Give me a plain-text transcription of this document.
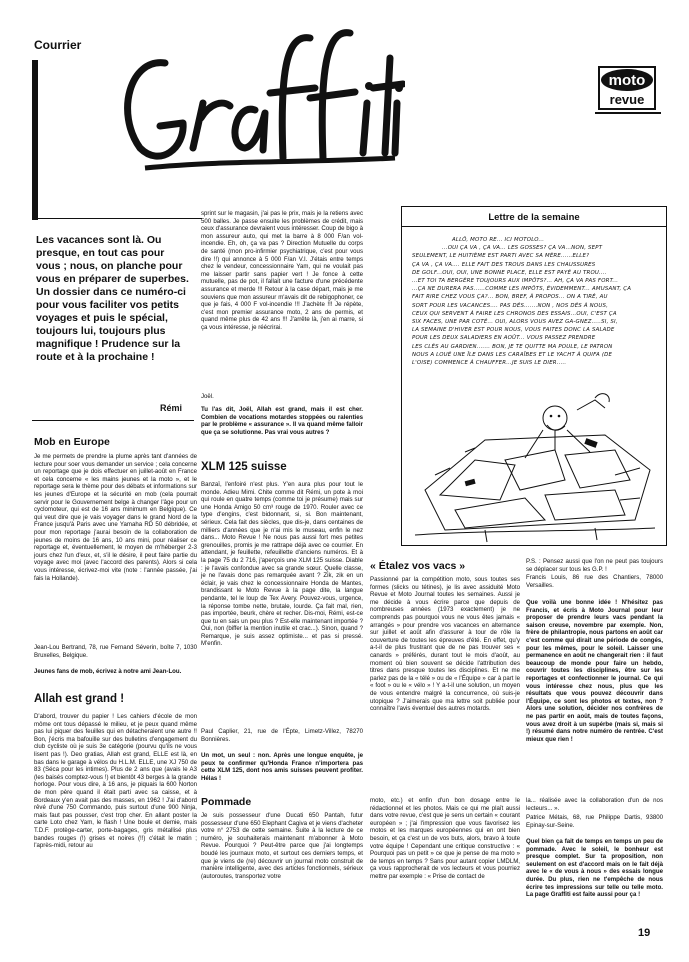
Courrier
moto
revue
Les vacances sont là. Ou presque, en tout cas pour vous ; nous, on planche pour vous en préparer de superbes. Un dossier dans ce numéro-ci pour vous faciliter vos petits voyages et puis le spécial, toujours lui, toujours plus magnifique ! Prudence sur la route et à la prochaine !
Rémi
Mob en Europe
Je me permets de prendre la plume après tant d'années de lecture pour soer vous demander un service ; cela concerne un reportage que je dois effectuer en juillet-août en France et cela concerne « les mains jeunes et la moto », et le reportage sera le thème pour des débats et informations sur les jeunes d'Europe et la sécurité en mob (cela pourrait servir pour le Gouvernement belge à changer l'âge pour un cyclomoteur, qui est de 16 ans minimum en Belgique). Ce qui veut dire que je vais voyager dans le grand Nord de la France jusqu'à Paris avec une Yamaha RD 50 débridée, et pour mon reportage j'aurai besoin de la collaboration de jeunes de moins de 16 ans, 10 ans mini, pour réaliser ce reportage et, éventuellement, le moyen de m'héberger 2-3 jours chez l'un d'eux, et, s'il le désire, il peut faire partie du voyage avec moi (avec l'accord des parents). Alors si cela vous intéresse, écrivez-moi vite (note : l'année passée, j'ai fais la Hollande).
Jean-Lou Bertrand, 78, rue Fernand Séverin, boîte 7, 1030 Bruxelles, Belgique.
Jeunes fans de mob, écrivez à notre ami Jean-Lou.
Allah est grand !
D'abord, trouver du papier ! Les cahiers d'école de mon môme ont tous dépassé le milieu, et je peux quand même pas lui piquer des feuilles qui en détacheraient une autre !! Bon, j'écris ma bafouille sur des bulletins d'engagement du club cycliste où je suis 3e catégorie (pourvu qu'ils ne vous lisent pas !). Deo gratias, Allah est grand, ELLE est là, en bas dans le garage à vélos du H.L.M. ELLE, une XJ 750 de 83 (Séca pour les intimes). Plus de 2 ans que (avais le A3 (les baisés comptez-vous !) et bientôt 43 berges à la grande horloge. Pour vous dire, à 16 ans, je piquais la 600 Norton de mon père quand il était parti avec sa caisse, et à Bordeaux y'en avait pas des masses, en 1962 ! J'ai d'abord rêvé d'une 750 Commando, puis surtout d'une 900 Ninja, mais faut pas pousser, c'est trop cher. En allant poster la carte Loto chez Yam, le flash ! Une boule et demie, mais T.D.F. protège-carter, porte-bagages, gris métallisé plus bandes rouges (!) grises et noires (!!) c'était le matin ; l'après-midi, retour au
sprint sur le magasin, j'ai pas le prix, mais je la retiens avec 500 balles. Je passe ensuite les problèmes de crédit, mais ceux d'assurance devraient vous intéresser. Coup de bigo à mon assureur auto, qui met la barre à 8 000 F/an vol-incendie. Eh, oh, ça va pas ? Direction Mutuelle du corps de santé (mon pro-infirmier psychiatrique, c'est pour vous dire !!) qui annonce à 5 000 F/an V.I. J'étais entre temps chez le vendeur, concessionnaire Yam, qui ne voulait pas me laisser partir sans papier vert ! Je fonce à cette mutuelle, pas de pot, il fallait une facture d'une précédente assurance et merde !!! Retour à la case départ, mais je me souviens que mon assureur m'avais dit de rebigophoner, ce que je fais, 4 000 F vol-incendie !!! J'achète !!! Je répète, c'est mon premier assurance moto, 2 ans de permis, et quand même plus de 42 ans !!! J'arrête là, j'en ai marre, si ça vous intéresse, je réécrirai.
Joël.
Tu l'as dit, Joël, Allah est grand, mais il est cher. Combien de vocations motardes stoppées ou ralenties par le problème « assurance ». Il va quand même falloir que ça se solutionne. Pas vrai vous autres ?
XLM 125 suisse
Banzaï, l'enfoiré n'est plus. Y'en aura plus pour tout le monde. Adieu Mimi. Chite comme dit Rémi, un pote à moi qui roule en quatre temps (comme toi je présume) mais sur une Honda Amigo 50 cm³ rouge de 1970. Rouler avec ce type d'engins, c'est bidonnant, si, si. Bon maintenant, sérieux. Cela fait des siècles, que dis-je, dans centaines de milliers d'années que je n'ai mis le museau, enfin le nez dans... Moto Revue ! Ne nous pas aussi fort mes petites grenouilles, promis je me rattrape déjà avec ce courrier. En attendant, je feuillette, refeuillette d'anciens numéros. Et à la page 75 du 2 716, j'aperçois une XLM 125 suisse. Diable : je l'avais confondue avec sa grande sœur. Quelle classe, je ne l'avais donc pas remarquée avant ? Zik, zik en un éclair, je vais chez le concessionnaire Honda de Mantes, brandissant le Moto Revue à la page dite, la langue pendante, tel le loup de Tex Avery. Pouvez-vous, urgence, la réponse tombe nette, brutale, lourde. Ça fait mal, rien, pas importée, beurk, chère et recher. Dis-moi, Rémi, est-ce que tu en sais un peu plus ? Est-elle maintenant importée ? Oui, non (biffer la mention inutile et crac...). Sinon, quand ? Remarque, je suis assez optimiste... et pas si pressé. M'enfin.
Paul Caplier, 21, rue de l'Épte, Limetz-Villez, 78270 Bonnières.
Un mot, un seul : non. Après une longue enquête, je peux te confirmer qu'Honda France n'importera pas cette XLM 125, dont nos amis suisses peuvent profiter. Hélas !
Pommade
Je suis possesseur d'une Ducati 650 Pantah, futur possesseur d'une 650 Elephant Cagiva et je viens d'acheter votre n° 2753 de cette semaine. Suite à la lecture de ce numéro, je souhaiterais maintenant m'abonner à Moto Revue. Pourquoi ? Peut-être parce que j'ai longtemps boudé les journaux moto, et surtout ces derniers temps, et que je viens de (re) découvrir un journal moto construit de manière intelligente, avec des articles fonctionnels, sérieux (autoroutes, transportez votre
Lettre de la semaine
ALLÔ, MOTO RE... ICI MOTOLO...
...OUI ÇA VA , ÇA VA... LES GOSSES? ÇA VA...NON, SEPT
SEULEMENT, LE HUITIÈME EST PARTI AVEC SA MÈRE......ELLE?
ÇA VA , ÇA VA.... ELLE FAIT DES TROUS DANS LES CHAUSSURES
DE GOLF...OUI, OUI, UNE BONNE PLACE, ELLE EST PAYÉ AU TROU....
...ET TOI TA BERGÈRE TOUJOURS AUX IMPÔTS?... AH, ÇA VA PAS FORT...
...ÇA NE DURERA PAS......COMME LES IMPÔTS, ÉVIDEMMENT... AMUSANT, ÇA
FAIT RIRE CHEZ VOUS ÇA?... BON, BREF, À PROPOS... ON A TIRÉ, AU
SORT POUR LES VACANCES.... PAS DÉS.......NON , NOS DÉS À NOUS,
CEUX QUI SERVENT À FAIRE LES CHRONOS DES ESSAIS...OUI, C'EST ÇA
SIX FACES, UNE PAR COTÉ... OUI, ALORS VOUS AVEZ GA-GNEZ.....SI, SI,
LA SEMAINE D'HIVER EST POUR NOUS, VOUS FAITES DONC LA SALADE
POUR LES DEUX SALADIERS EN AOÛT... VOUS PASSEZ PRENDRE
LES CLÉS AU GARDIEN....... BON, JE TE QUITTE MA POULE, LE PATRON
NOUS A LOUÉ UNE ÎLE DANS LES CARAÏBES ET LE YACHT À QUIFA (DE
L'OISE) COMMENCE À CHAUFFER...JE SUIS LE DIER.....
« Étalez vos vacs »
Passionné par la compétition moto, sous toutes ses formes (slicks ou tétines), je lis avec assiduité Moto Revue et Moto Journal toutes les semaines. Aussi je me décide à vous écrire parce que depuis de nombreuses années (1973 exactement) je ne comprends pas pourquoi vous ne vous êtes jamais « arrangés » pour prendre vos vacances en alternance sur juillet et août afin d'assurer à tour de rôle la couverture de toutes les épreuves d'été. En effet, qu'y a-t-il de plus frustrant que de ne pas trouver ses « canards » préférés, durant tout le mois d'août, au moment où bien souvent se décide l'attribution des titres dans presque toutes les disciplines. Et ne me parlez pas de la « télé » ou de « l'Équipe » car à part le « foot » ou le « vélo » ! Y a-t-il une solution, un moyen de vous entendre malgré la concurrence, où suis-je utopique ? J'aimerais que ma lettre soit publiée pour connaître l'avis éventuel des autres motards.
P.S. : Pensez aussi que l'on ne peut pas toujours se déplacer sur tous les G.P. !
Francis Louis, 86 rue des Chantiers, 78000 Versailles.
Que voilà une bonne idée ! N'hésitez pas Francis, et écris à Moto Journal pour leur proposer de prendre leurs vacs pendant la saison creuse, novembre par exemple. Non, frère de philantropie, nous partons en août car c'est comme qui dirait une période de congés, pour les mêmes, pour le soleil. Laisser une permanence en août ne changerait rien : il faut beaucoup de monde pour faire un hebdo, couvrir toutes les disciplines, être sur les reportages et confectionner le journal. Ce qui vous intéresse chez nous, plus que les résultats que vous pouvez découvrir dans l'Équipe, ce sont les photos et textes, non ? Alors une solution, décider nos confrères de ne pas partir en août, mais de toutes façons, vous avez droit à un supérbe (mais si, mais si !) résumé dans notre numéro de rentrée. C'est mieux que rien !
moto, etc.) et enfin d'un bon dosage entre le rédactionnel et les photos. Mais ce qui me plaît aussi dans votre revue, c'est que je sens un certain « courant européen » ; j'ai l'impression que vous favorisez les motos et les marques européennes qui en ont bien besoin, et ça c'est un de vos buts, alors, bravo à toute votre équipe ! Cependant une critique constructive : « Pourquoi pas un petit » ce que je pense de ma moto » de temps en temps ? Sans pour autant copier LMDLM, ça vous rapprocherait de vos lecteurs et vous pourriez mettre par exemple : « Prise de contact de
la... réalisée avec la collaboration d'un de nos lecteurs... ».
Patrice Métais, 68, rue Philippe Dartis, 93800 Epinay-sur-Seine.
Quel bien ça fait de temps en temps un peu de pommade. Avec le soleil, le bonheur est presque complet. Sur ta proposition, non seulement on est d'accord mais on le fait déjà avec le « de vous à nous » des essais longue durée. Du plus, rien ne t'empêche de nous écrire tes impressions sur telle ou telle moto. La page Graffiti est faite aussi pour ça !
19
